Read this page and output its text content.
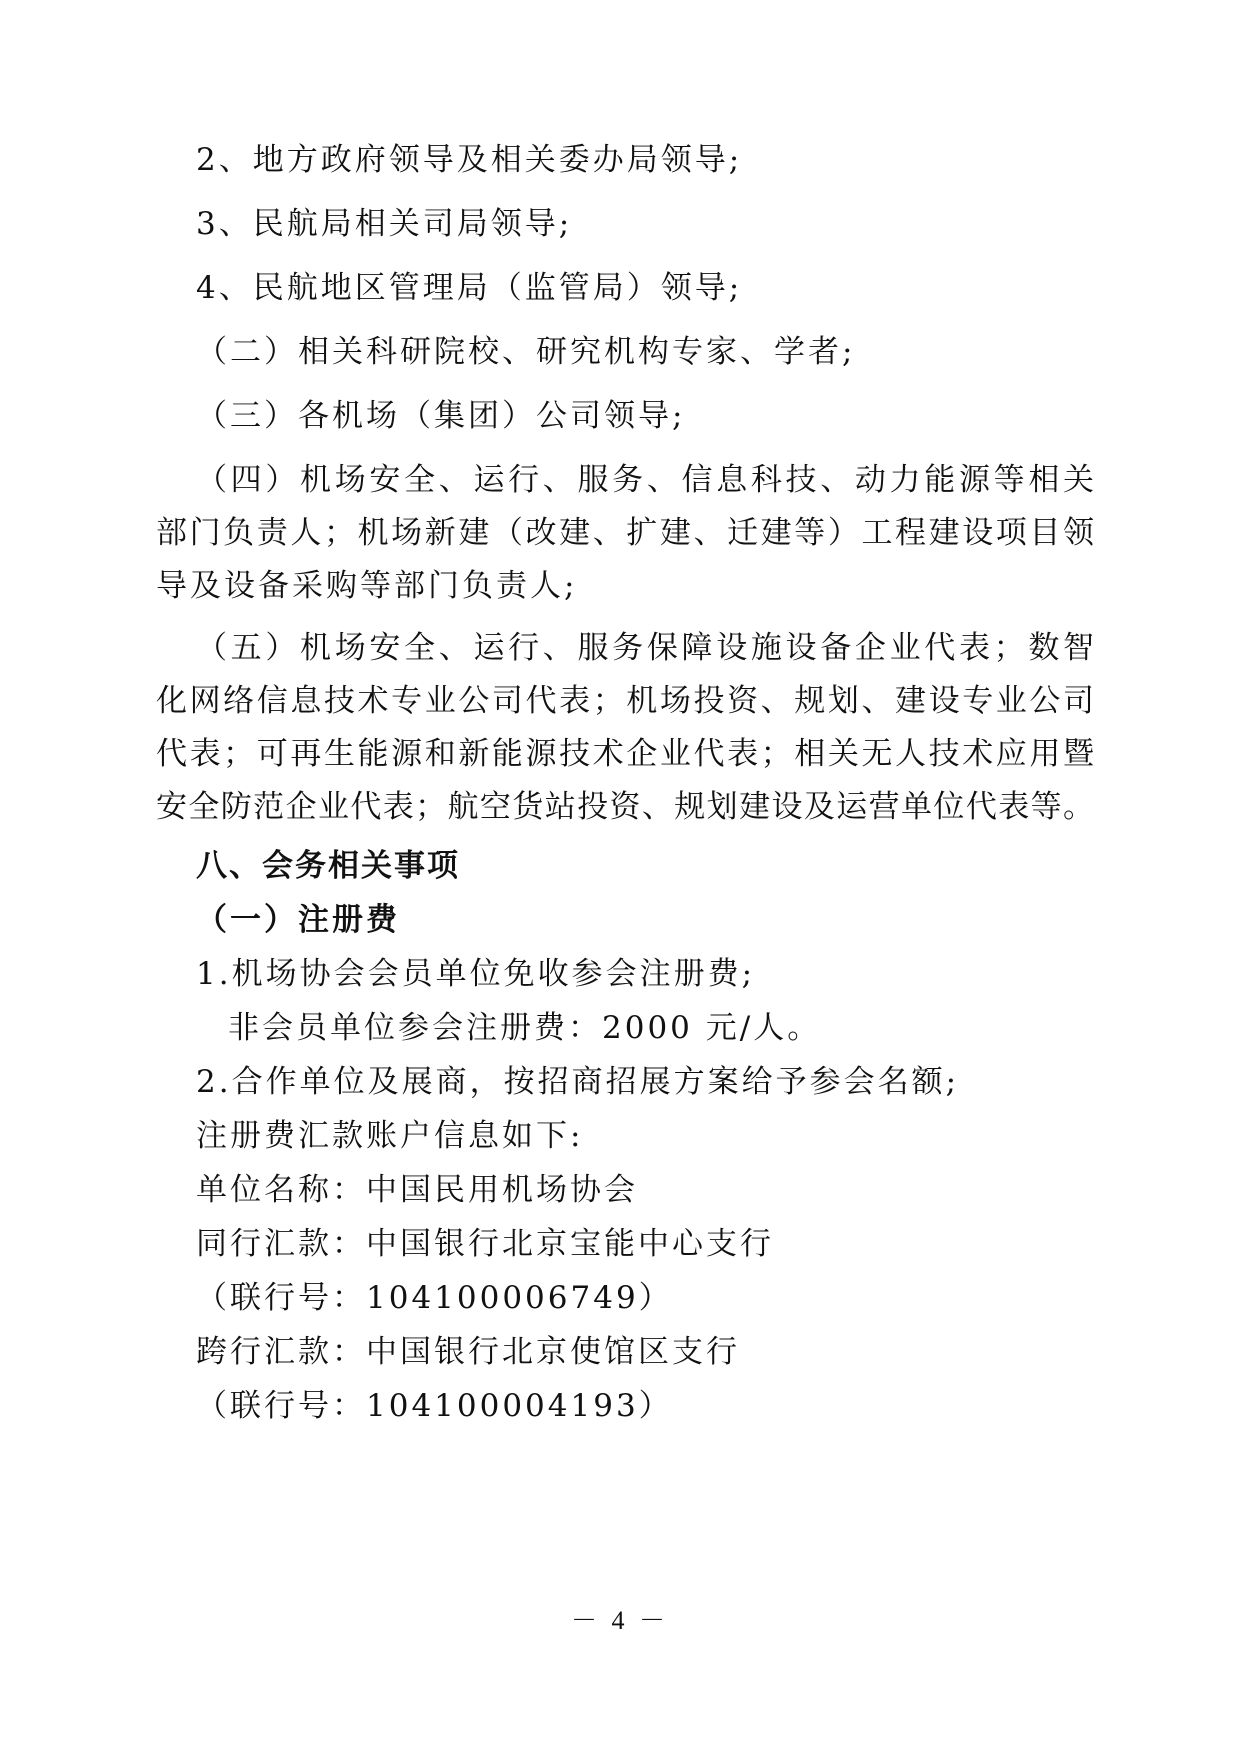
2、地方政府领导及相关委办局领导;
3、民航局相关司局领导;
4、民航地区管理局（监管局）领导;
（二）相关科研院校、研究机构专家、学者;
（三）各机场（集团）公司领导;
（四）机场安全、运行、服务、信息科技、动力能源等相关
部门负责人；机场新建（改建、扩建、迁建等）工程建设项目领
导及设备采购等部门负责人;
（五）机场安全、运行、服务保障设施设备企业代表；数智
化网络信息技术专业公司代表；机场投资、规划、建设专业公司
代表；可再生能源和新能源技术企业代表；相关无人技术应用暨
安全防范企业代表；航空货站投资、规划建设及运营单位代表等。
八、会务相关事项
（一）注册费
1.机场协会会员单位免收参会注册费;
非会员单位参会注册费：2000 元/人。
2.合作单位及展商，按招商招展方案给予参会名额;
注册费汇款账户信息如下:
单位名称：中国民用机场协会
同行汇款：中国银行北京宝能中心支行
（联行号：104100006749）
跨行汇款：中国银行北京使馆区支行
（联行号：104100004193）
－ 4 －
